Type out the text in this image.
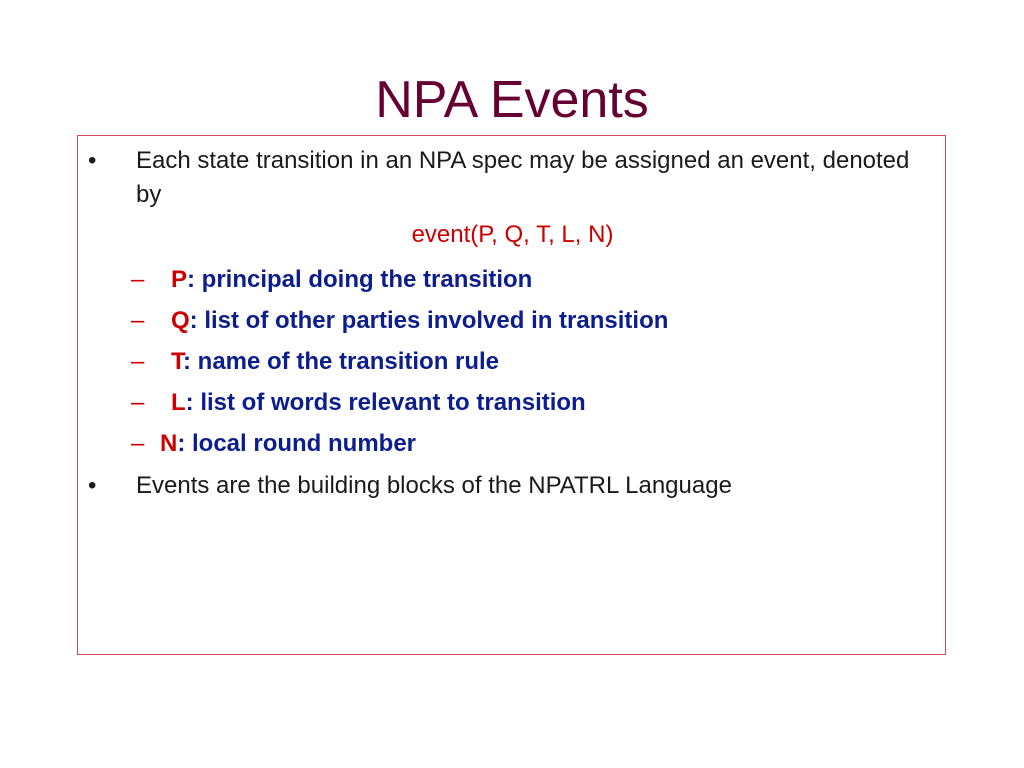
NPA Events
• Each state transition in an NPA spec may be assigned an event, denoted by
event(P, Q, T, L, N)
– P: principal doing the transition
– Q: list of other parties involved in transition
– T: name of the transition rule
– L: list of words relevant to transition
– N: local round number
• Events are the building blocks of the NPATRL Language
